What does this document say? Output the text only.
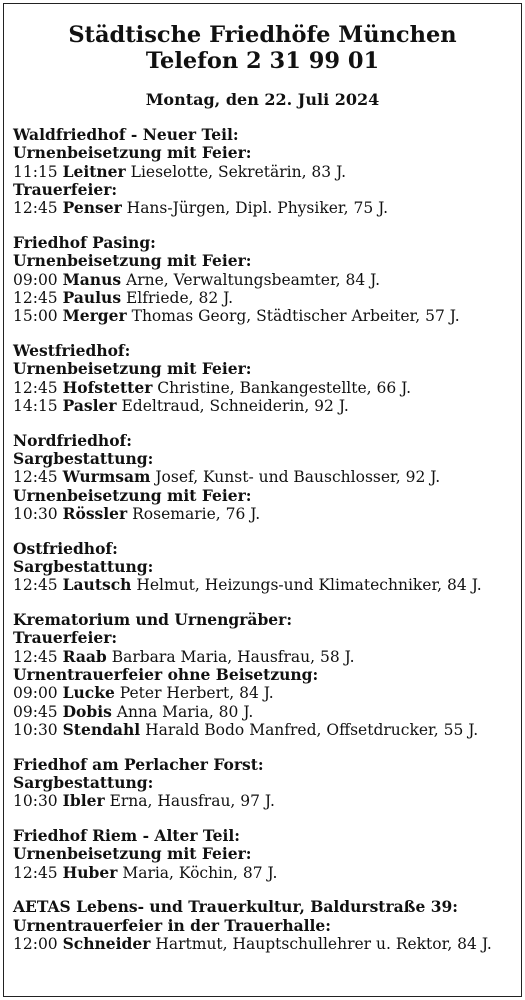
Städtische Friedhöfe München
Telefon 2 31 99 01
Montag, den 22. Juli 2024
Waldfriedhof - Neuer Teil:
Urnenbeisetzung mit Feier:
11:15 Leitner Lieselotte, Sekretärin, 83 J.
Trauerfeier:
12:45 Penser Hans-Jürgen, Dipl. Physiker, 75 J.
Friedhof Pasing:
Urnenbeisetzung mit Feier:
09:00 Manus Arne, Verwaltungsbeamter, 84 J.
12:45 Paulus Elfriede, 82 J.
15:00 Merger Thomas Georg, Städtischer Arbeiter, 57 J.
Westfriedhof:
Urnenbeisetzung mit Feier:
12:45 Hofstetter Christine, Bankangestellte, 66 J.
14:15 Pasler Edeltraud, Schneiderin, 92 J.
Nordfriedhof:
Sargbestattung:
12:45 Wurmsam Josef, Kunst- und Bauschlosser, 92 J.
Urnenbeisetzung mit Feier:
10:30 Rössler Rosemarie, 76 J.
Ostfriedhof:
Sargbestattung:
12:45 Lautsch Helmut, Heizungs-und Klimatechniker, 84 J.
Krematorium und Urnengräber:
Trauerfeier:
12:45 Raab Barbara Maria, Hausfrau, 58 J.
Urnentrauerfeier ohne Beisetzung:
09:00 Lucke Peter Herbert, 84 J.
09:45 Dobis Anna Maria, 80 J.
10:30 Stendahl Harald Bodo Manfred, Offsetdrucker, 55 J.
Friedhof am Perlacher Forst:
Sargbestattung:
10:30 Ibler Erna, Hausfrau, 97 J.
Friedhof Riem - Alter Teil:
Urnenbeisetzung mit Feier:
12:45 Huber Maria, Köchin, 87 J.
AETAS Lebens- und Trauerkultur, Baldurstraße 39:
Urnentrauerfeier in der Trauerhalle:
12:00 Schneider Hartmut, Hauptschullehrer u. Rektor, 84 J.
